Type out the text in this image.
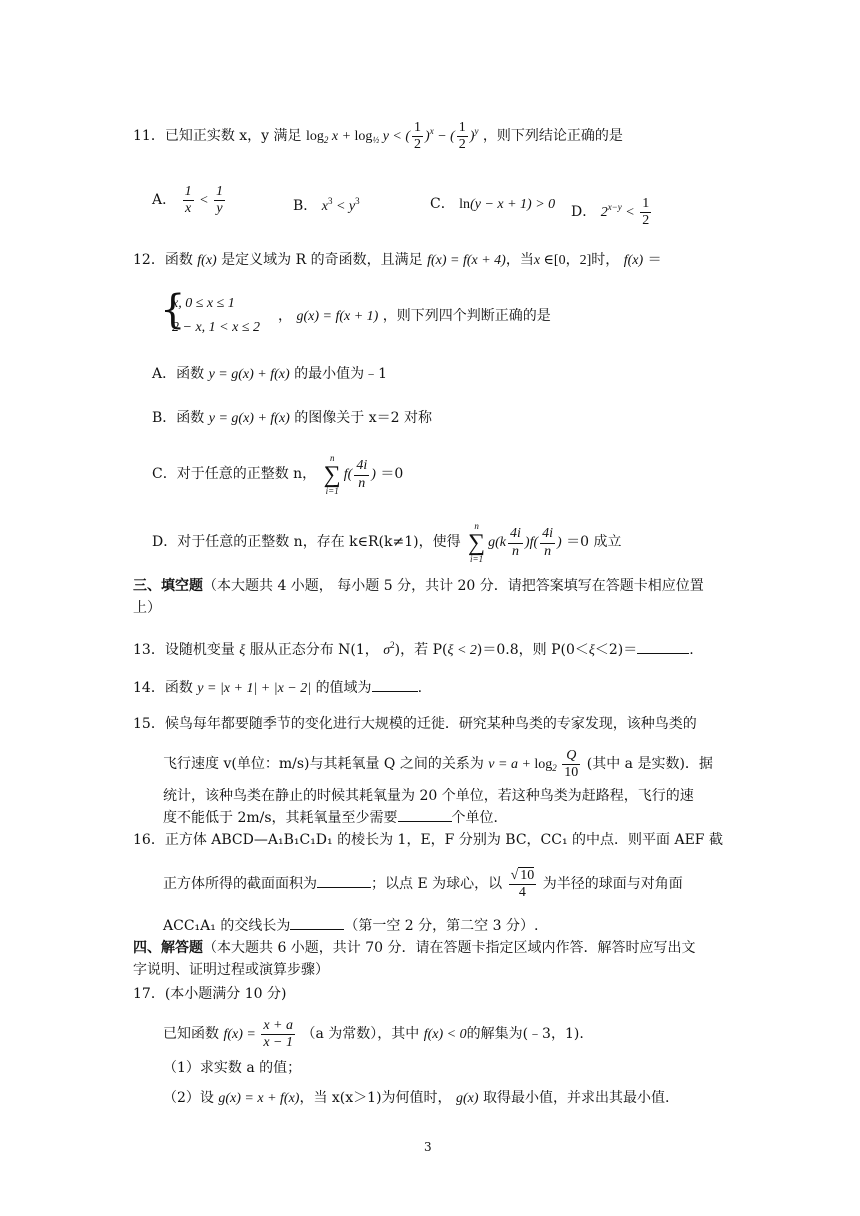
11．已知正实数 x，y 满足 $\log_2 x + \log_{\frac{1}{2}} y$ < ( $\frac{1}{2} )^x$ − ( $\frac{1}{2} )^y$ ，则下列结论正确的是
A． $\frac{1}{x} < \frac{1}{y}$	B． $x^3 < y^3$	C． ln(y − x + 1) > 0 D． $2^{x-y} < \frac{1}{2}$
12．函数 f(x) 是定义域为 R 的奇函数，且满足 f(x) = f(x + 4)，当x ∈[0，2]时， f(x) ＝
{
x, 0 ≤ x ≤ 1
2 − x, 1 < x ≤ 2
， g(x) = f(x + 1) ，则下列四个判断正确的是
A．函数 y = g(x) + f(x) 的最小值为﹣1
B．函数 y = g(x) + f(x) 的图像关于 x＝2 对称
C．对于任意的正整数 n，
n
∑
i=1
$f( \frac{4i}{n}$ ) ＝0
D．对于任意的正整数 n，存在 k∈R(k≠1)，使得
n
∑
i=1
$g(k \frac{4i}{n} )f( \frac{4i}{n}$ ) ＝0 成立
三、填空题（本大题共 4 小题， 每小题 5 分，共计 20 分．请把答案填写在答题卡相应位置
上）
13．设随机变量 ξ 服从正态分布 N(1， $\sigma^2$)，若 P(ξ < 2)＝0.8，则 P(0＜ξ＜2)＝	.
14．函数 y = |x + 1| + |x − 2| 的值域为	.
15．候鸟每年都要随季节的变化进行大规模的迁徙．研究某种鸟类的专家发现，该种鸟类的
飞行速度 v(单位：m/s)与其耗氧量 Q 之间的关系为 $v = a + \log_2 \frac{Q}{10}$ (其中 a 是实数)．据
统计，该种鸟类在静止的时候其耗氧量为 20 个单位，若这种鸟类为赶路程，飞行的速
度不能低于 2m/s，其耗氧量至少需要	个单位．
16．正方体 ABCD—A₁B₁C₁D₁ 的棱长为 1，E，F 分别为 BC，CC₁ 的中点．则平面 AEF 截
正方体所得的截面面积为	；以点 E 为球心，以 $\frac{√ 10}{4}$ 为半径的球面与对角面
ACC₁A₁ 的交线长为	（第一空 2 分，第二空 3 分）.
四、解答题（本大题共 6 小题，共计 70 分．请在答题卡指定区域内作答．解答时应写出文
字说明、证明过程或演算步骤）
17．(本小题满分 10 分)
已知函数 $f(x) = \frac{x + a}{x - 1} (a$ 为常数），其中 f(x) < 0的解集为(﹣3，1).
（1）求实数 a 的值；
（2）设 g(x) = x + f(x)，当 x(x＞1)为何值时， g(x) 取得最小值，并求出其最小值.
3
